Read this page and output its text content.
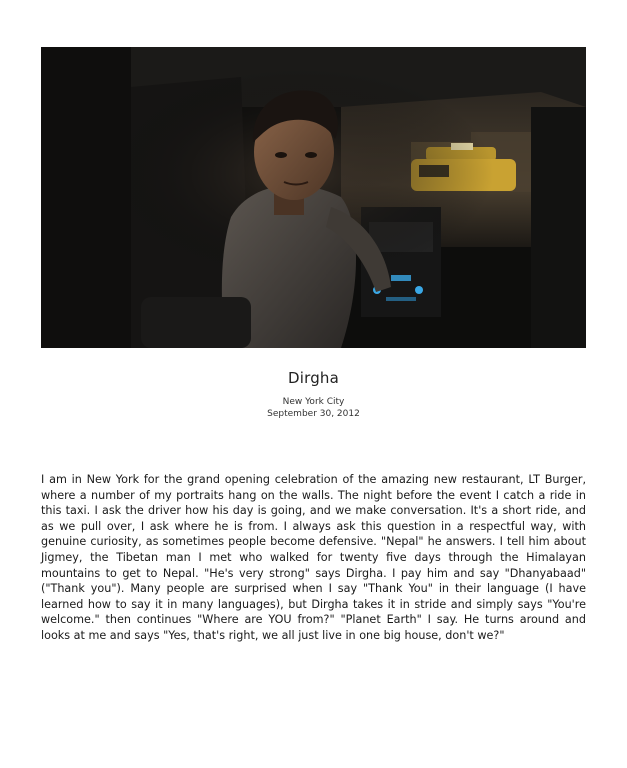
Dirgha
New York City
September 30, 2012

I am in New York for the grand opening celebration of the amazing new restaurant, LT Burger, where a number of my portraits hang on the walls. The night before the event I catch a ride in this taxi. I ask the driver how his day is going, and we make conversation. It's a short ride, and as we pull over, I ask where he is from. I always ask this question in a respectful way, with genuine curiosity, as sometimes people become defensive. "Nepal" he answers. I tell him about Jigmey, the Tibetan man I met who walked for twenty five days through the Himalayan mountains to get to Nepal. "He's very strong" says Dirgha. I pay him and say "Dhanyabaad" ("Thank you"). Many people are surprised when I say "Thank You" in their language (I have learned how to say it in many languages), but Dirgha takes it in stride and simply says "You're welcome." then continues "Where are YOU from?" "Planet Earth" I say. He turns around and looks at me and says "Yes, that's right, we all just live in one big house, don't we?"
